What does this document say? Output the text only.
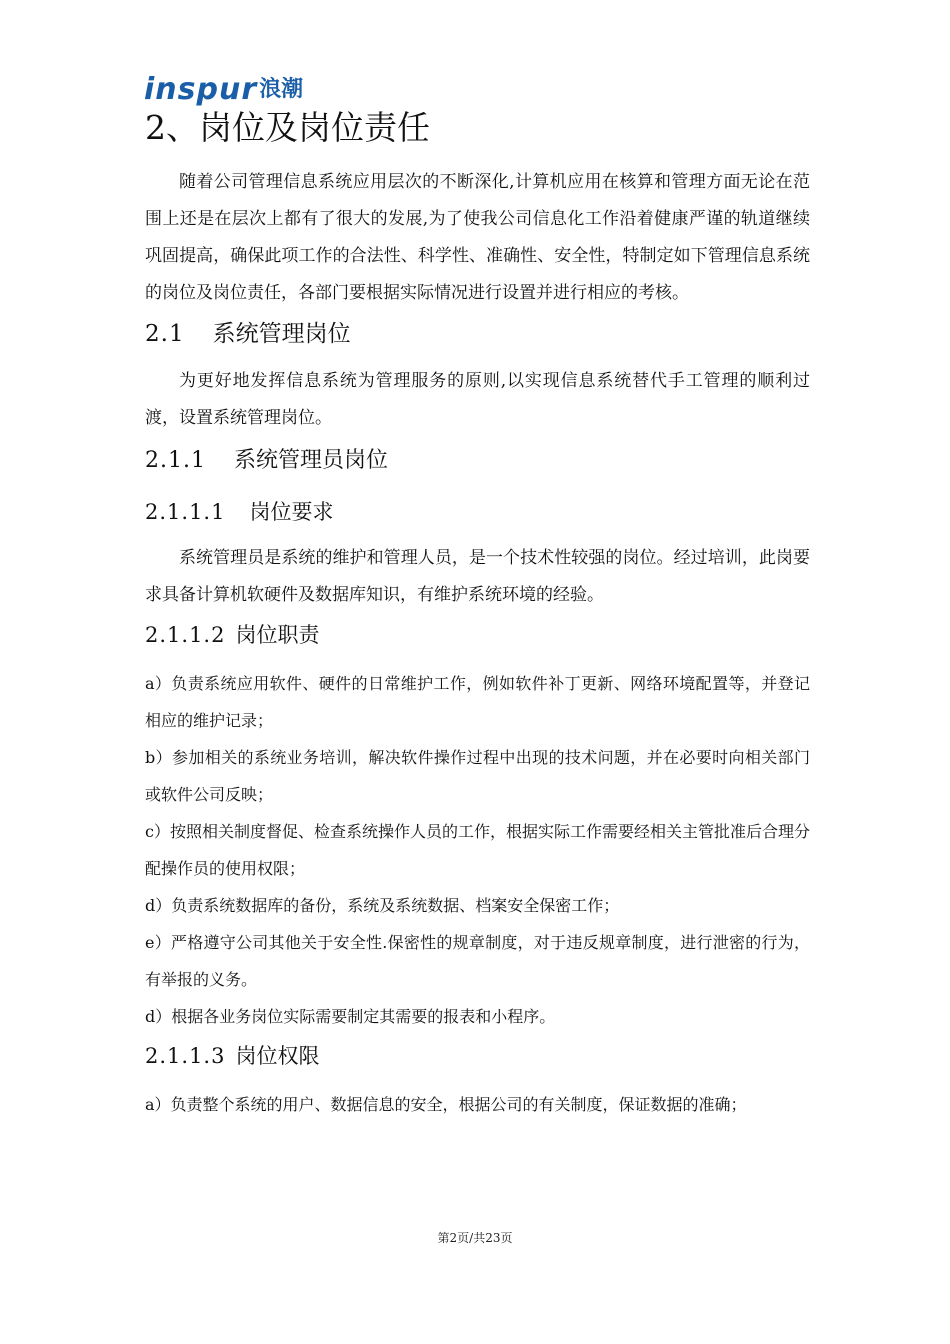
inspur 浪潮
2、岗位及岗位责任

随着公司管理信息系统应用层次的不断深化,计算机应用在核算和管理方面无论在范围上还是在层次上都有了很大的发展,为了使我公司信息化工作沿着健康严谨的轨道继续巩固提高，确保此项工作的合法性、科学性、准确性、安全性，特制定如下管理信息系统的岗位及岗位责任，各部门要根据实际情况进行设置并进行相应的考核。

2.1 系统管理岗位

为更好地发挥信息系统为管理服务的原则,以实现信息系统替代手工管理的顺利过渡，设置系统管理岗位。

2.1.1 系统管理员岗位
2.1.1.1 岗位要求

系统管理员是系统的维护和管理人员，是一个技术性较强的岗位。经过培训，此岗要求具备计算机软硬件及数据库知识，有维护系统环境的经验。

2.1.1.2 岗位职责

a）负责系统应用软件、硬件的日常维护工作，例如软件补丁更新、网络环境配置等，并登记相应的维护记录；

b）参加相关的系统业务培训，解决软件操作过程中出现的技术问题，并在必要时向相关部门或软件公司反映；

c）按照相关制度督促、检查系统操作人员的工作，根据实际工作需要经相关主管批准后合理分配操作员的使用权限；

d）负责系统数据库的备份，系统及系统数据、档案安全保密工作；

e）严格遵守公司其他关于安全性.保密性的规章制度，对于违反规章制度，进行泄密的行为，有举报的义务。

d）根据各业务岗位实际需要制定其需要的报表和小程序。

2.1.1.3 岗位权限

a）负责整个系统的用户、数据信息的安全，根据公司的有关制度，保证数据的准确；

第2页/共23页
